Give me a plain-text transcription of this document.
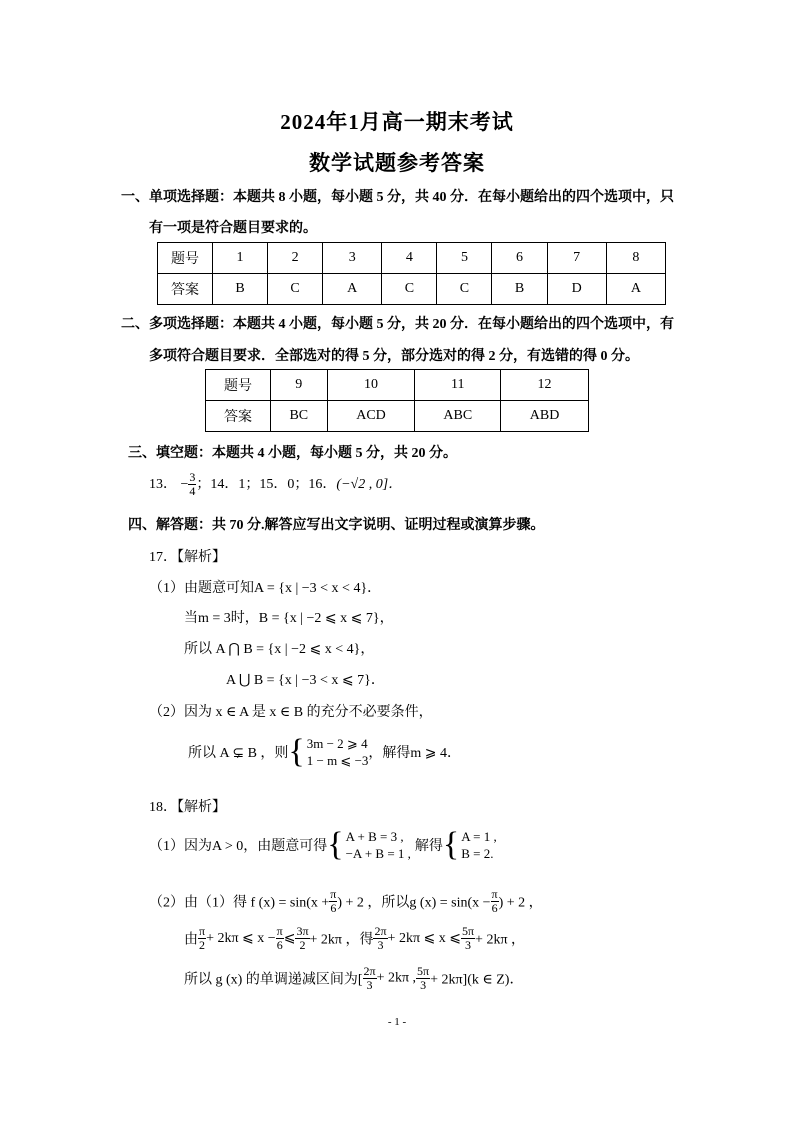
2024年1月高一期末考试
数学试题参考答案
一、单项选择题：本题共 8 小题，每小题 5 分，共 40 分．在每小题给出的四个选项中，只
有一项是符合题目要求的。
题号	1	2	3	4	5	6	7	8
答案	B	C	A	C	C	B	D	A
二、多项选择题：本题共 4 小题，每小题 5 分，共 20 分．在每小题给出的四个选项中，有
多项符合题目要求．全部选对的得 5 分，部分选对的得 2 分，有选错的得 0 分。
题号	9	10	11	12
答案	BC	ACD	ABC	ABD
三、填空题：本题共 4 小题，每小题 5 分，共 20 分。
13． − $\frac{3}{4}$ ；14．1；15．0；16．(−√2 , 0]．
四、解答题：共 70 分.解答应写出文字说明、证明过程或演算步骤。
17．【解析】
（1）由题意可知A = {x | −3 < x < 4}．
当m = 3时，B = {x | −2 ⩽ x ⩽ 7}，
所以 A ⋂ B = {x | −2 ⩽ x < 4}，
A ⋃ B = {x | −3 < x ⩽ 7}．
（2）因为 x ∈ A 是 x ∈ B 的充分不必要条件，
所以 A ⊊ B ，则{ 3m − 2 ⩾ 4
1 − m ⩽ −3 ，解得m ⩾ 4．
18．【解析】
（1）因为A > 0，由题意可得{ A + B = 3 ,
−A + B = 1 , 解得{ A = 1 ,
B = 2.
（2）由（1）得 f $(x) = \sin(x + \frac{\pi}{6}$ ) + 2 ，所以g $(x) = \sin(x - \frac{\pi}{6}$ ) + 2 ，
由 $\frac{\pi}{2} + 2k\pi$ ⩽ $x - \frac{\pi}{6}$ ⩽ $\frac{3\pi}{2} + 2k\pi$ ，得 $\frac{2\pi}{3} + 2k\pi$ ⩽ x ⩽ $\frac{5\pi}{3} + 2k\pi$ ，
所以 g (x) 的单调递减区间为[ $\frac{2\pi}{3} + 2k\pi$ , $\frac{5\pi}{3} + 2k\pi](k$ ∈ Z)．
- 1 -
